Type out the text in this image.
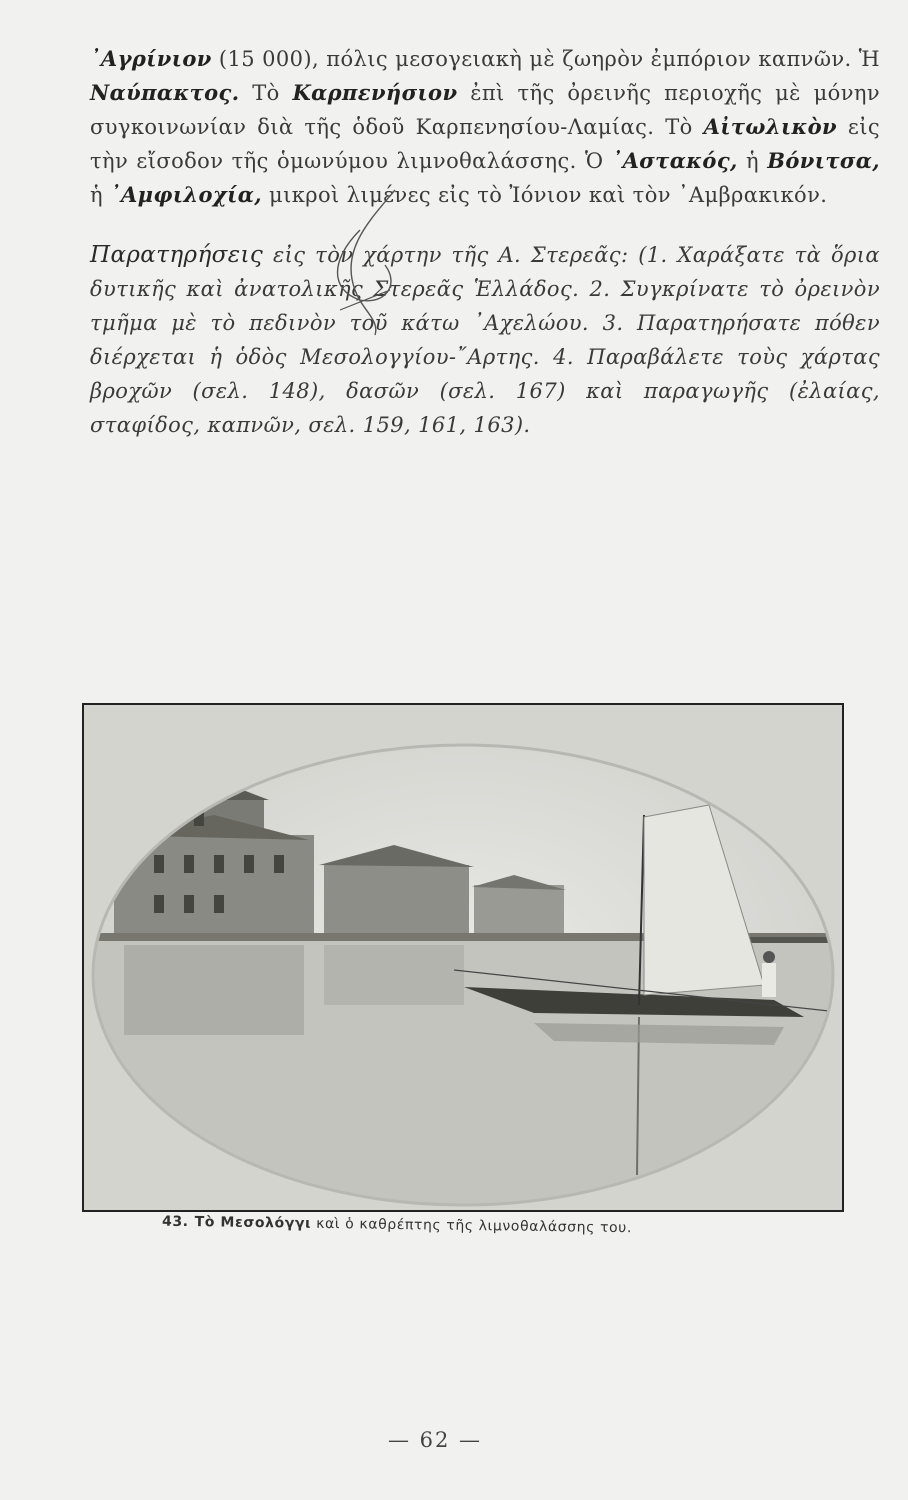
᾿Αγρίνιον (15 000), πόλις μεσογειακὴ μὲ ζωηρὸν ἐμπόριον καπνῶν. Ἡ Ναύπακτος. Τὸ Καρπενήσιον ἐπὶ τῆς ὀρεινῆς περιοχῆς μὲ μόνην συγκοινωνίαν διὰ τῆς ὁδοῦ Καρπενησίου-Λαμίας. Τὸ Αἰτωλικὸν εἰς τὴν εἴσοδον τῆς ὁμωνύμου λιμνοθαλάσσης. Ὁ ᾿Αστακός, ἡ Βόνιτσα, ἡ ᾿Αμφιλοχία, μικροὶ λιμένες εἰς τὸ Ἰόνιον καὶ τὸν ᾿Αμβρακικόν.

Παρατηρήσεις εἰς τὸν χάρτην τῆς Α. Στερεᾶς: (1. Χαράξατε τὰ ὅρια δυτικῆς καὶ ἀνατολικῆς Στερεᾶς Ἑλλάδος. 2. Συγκρίνατε τὸ ὀρεινὸν τμῆμα μὲ τὸ πεδινὸν τοῦ κάτω ᾿Αχελώου. 3. Παρατηρήσατε πόθεν διέρχεται ἡ ὁδὸς Μεσολογγίου-῎Αρτης. 4. Παραβάλετε τοὺς χάρτας βροχῶν (σελ. 148), δασῶν (σελ. 167) καὶ παραγωγῆς (ἐλαίας, σταφίδος, καπνῶν, σελ. 159, 161, 163).

43. Τὸ Μεσολόγγι καὶ ὁ καθρέπτης τῆς λιμνοθαλάσσης του.
— 62 —
